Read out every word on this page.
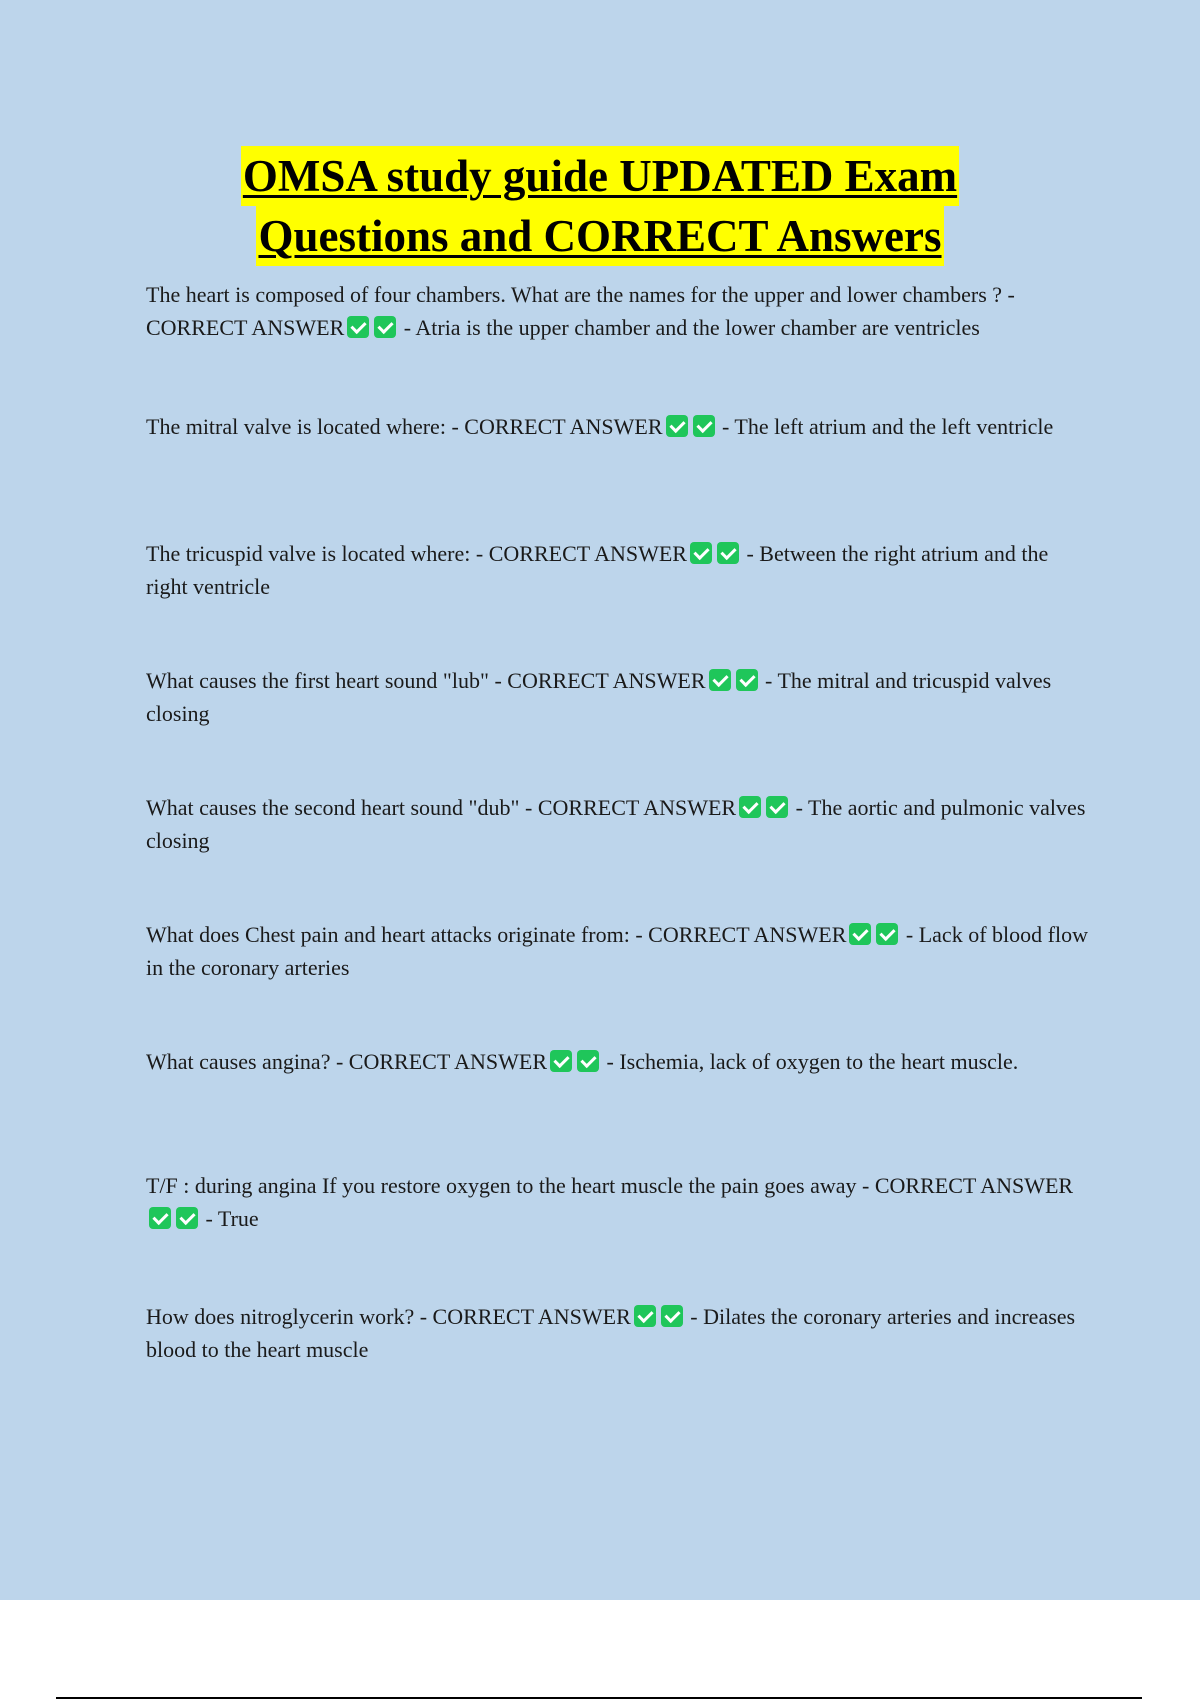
OMSA study guide UPDATED Exam
Questions and CORRECT Answers
The heart is composed of four chambers. What are the names for the upper and lower chambers ? - CORRECT ANSWER	- Atria is the upper chamber and the lower chamber are ventricles
The mitral valve is located where: - CORRECT ANSWER	- The left atrium and the left ventricle
The tricuspid valve is located where: - CORRECT ANSWER	- Between the right atrium and the right ventricle
What causes the first heart sound "lub" - CORRECT ANSWER	- The mitral and tricuspid valves closing
What causes the second heart sound "dub" - CORRECT ANSWER	- The aortic and pulmonic valves closing
What does Chest pain and heart attacks originate from: - CORRECT ANSWER	- Lack of blood flow in the coronary arteries
What causes angina? - CORRECT ANSWER	- Ischemia, lack of oxygen to the heart muscle.
T/F : during angina If you restore oxygen to the heart muscle the pain goes away - CORRECT ANSWER - True
How does nitroglycerin work? - CORRECT ANSWER	- Dilates the coronary arteries and increases blood to the heart muscle
